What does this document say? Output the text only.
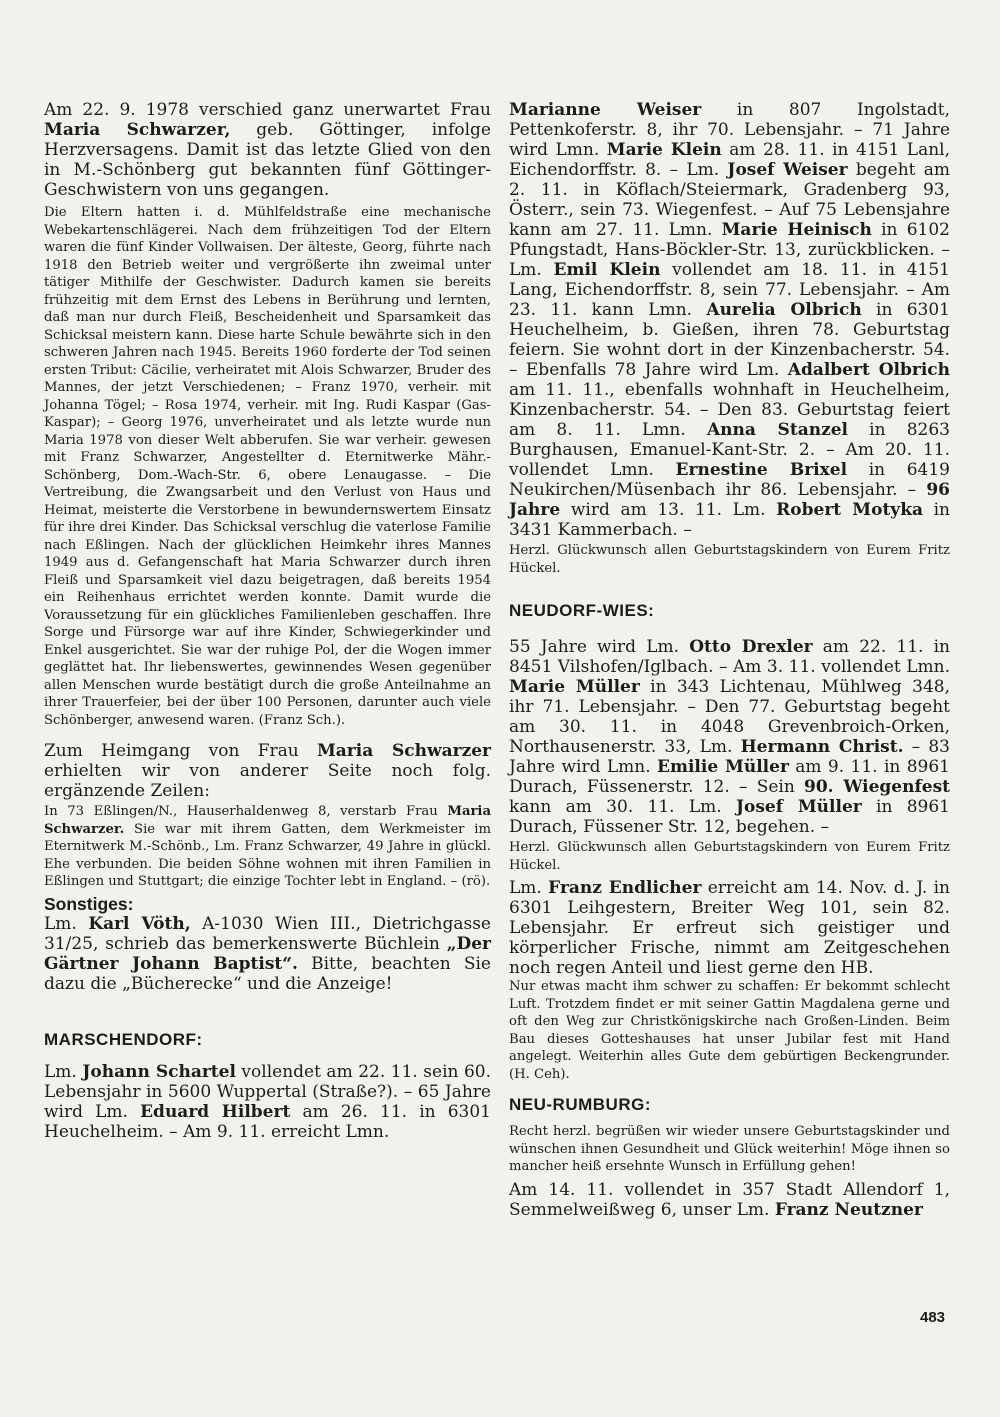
Am 22. 9. 1978 verschied ganz unerwartet Frau Maria Schwarzer, geb. Göttinger, infolge Herzversagens. Damit ist das letzte Glied von den in M.-Schönberg gut bekannten fünf Göttinger-Geschwistern von uns gegangen.

Die Eltern hatten i. d. Mühlfeldstraße eine mechanische Webekartenschlägerei. Nach dem frühzeitigen Tod der Eltern waren die fünf Kinder Vollwaisen. Der älteste, Georg, führte nach 1918 den Betrieb weiter und vergrößerte ihn zweimal unter tätiger Mithilfe der Geschwister. Dadurch kamen sie bereits frühzeitig mit dem Ernst des Lebens in Berührung und lernten, daß man nur durch Fleiß, Bescheidenheit und Sparsamkeit das Schicksal meistern kann. Diese harte Schule bewährte sich in den schweren Jahren nach 1945. Bereits 1960 forderte der Tod seinen ersten Tribut: Cäcilie, verheiratet mit Alois Schwarzer, Bruder des Mannes, der jetzt Verschiedenen; – Franz 1970, verheir. mit Johanna Tögel; – Rosa 1974, verheir. mit Ing. Rudi Kaspar (Gas-Kaspar); – Georg 1976, unverheiratet und als letzte wurde nun Maria 1978 von dieser Welt abberufen. Sie war verheir. gewesen mit Franz Schwarzer, Angestellter d. Eternitwerke Mähr.-Schönberg, Dom.-Wach-Str. 6, obere Lenaugasse. – Die Vertreibung, die Zwangsarbeit und den Verlust von Haus und Heimat, meisterte die Verstorbene in bewundernswertem Einsatz für ihre drei Kinder. Das Schicksal verschlug die vaterlose Familie nach Eßlingen. Nach der glücklichen Heimkehr ihres Mannes 1949 aus d. Gefangenschaft hat Maria Schwarzer durch ihren Fleiß und Sparsamkeit viel dazu beigetragen, daß bereits 1954 ein Reihenhaus errichtet werden konnte. Damit wurde die Voraussetzung für ein glückliches Familienleben geschaffen. Ihre Sorge und Fürsorge war auf ihre Kinder, Schwiegerkinder und Enkel ausgerichtet. Sie war der ruhige Pol, der die Wogen immer geglättet hat. Ihr liebenswertes, gewinnendes Wesen gegenüber allen Menschen wurde bestätigt durch die große Anteilnahme an ihrer Trauerfeier, bei der über 100 Personen, darunter auch viele Schönberger, anwesend waren. (Franz Sch.).

Zum Heimgang von Frau Maria Schwarzer erhielten wir von anderer Seite noch folg. ergänzende Zeilen:

In 73 Eßlingen/N., Hauserhaldenweg 8, verstarb Frau Maria Schwarzer. Sie war mit ihrem Gatten, dem Werkmeister im Eternitwerk M.-Schönb., Lm. Franz Schwarzer, 49 Jahre in glückl. Ehe verbunden. Die beiden Söhne wohnen mit ihren Familien in Eßlingen und Stuttgart; die einzige Tochter lebt in England. – (rö).

Sonstiges:

Lm. Karl Vöth, A-1030 Wien III., Dietrichgasse 31/25, schrieb das bemerkenswerte Büchlein „Der Gärtner Johann Baptist“. Bitte, beachten Sie dazu die „Bücherecke“ und die Anzeige!

MARSCHENDORF:

Lm. Johann Schartel vollendet am 22. 11. sein 60. Lebensjahr in 5600 Wuppertal (Straße?). – 65 Jahre wird Lm. Eduard Hilbert am 26. 11. in 6301 Heuchelheim. – Am 9. 11. erreicht Lmn.

Marianne Weiser in 807 Ingolstadt, Pettenkoferstr. 8, ihr 70. Lebensjahr. – 71 Jahre wird Lmn. Marie Klein am 28. 11. in 4151 Lanl, Eichendorffstr. 8. – Lm. Josef Weiser begeht am 2. 11. in Köflach/Steiermark, Gradenberg 93, Österr., sein 73. Wiegenfest. – Auf 75 Lebensjahre kann am 27. 11. Lmn. Marie Heinisch in 6102 Pfungstadt, Hans-Böckler-Str. 13, zurückblicken. – Lm. Emil Klein vollendet am 18. 11. in 4151 Lang, Eichendorffstr. 8, sein 77. Lebensjahr. – Am 23. 11. kann Lmn. Aurelia Olbrich in 6301 Heuchelheim, b. Gießen, ihren 78. Geburtstag feiern. Sie wohnt dort in der Kinzenbacherstr. 54. – Ebenfalls 78 Jahre wird Lm. Adalbert Olbrich am 11. 11., ebenfalls wohnhaft in Heuchelheim, Kinzenbacherstr. 54. – Den 83. Geburtstag feiert am 8. 11. Lmn. Anna Stanzel in 8263 Burghausen, Emanuel-Kant-Str. 2. – Am 20. 11. vollendet Lmn. Ernestine Brixel in 6419 Neukirchen/Müsenbach ihr 86. Lebensjahr. – 96 Jahre wird am 13. 11. Lm. Robert Motyka in 3431 Kammerbach. –

Herzl. Glückwunsch allen Geburtstagskindern von Eurem Fritz Hückel.

NEUDORF-WIES:

55 Jahre wird Lm. Otto Drexler am 22. 11. in 8451 Vilshofen/Iglbach. – Am 3. 11. vollendet Lmn. Marie Müller in 343 Lichtenau, Mühlweg 348, ihr 71. Lebensjahr. – Den 77. Geburtstag begeht am 30. 11. in 4048 Grevenbroich-Orken, Northausenerstr. 33, Lm. Hermann Christ. – 83 Jahre wird Lmn. Emilie Müller am 9. 11. in 8961 Durach, Füssenerstr. 12. – Sein 90. Wiegenfest kann am 30. 11. Lm. Josef Müller in 8961 Durach, Füssener Str. 12, begehen. –

Herzl. Glückwunsch allen Geburtstagskindern von Eurem Fritz Hückel.

Lm. Franz Endlicher erreicht am 14. Nov. d. J. in 6301 Leihgestern, Breiter Weg 101, sein 82. Lebensjahr. Er erfreut sich geistiger und körperlicher Frische, nimmt am Zeitgeschehen noch regen Anteil und liest gerne den HB.

Nur etwas macht ihm schwer zu schaffen: Er bekommt schlecht Luft. Trotzdem findet er mit seiner Gattin Magdalena gerne und oft den Weg zur Christkönigskirche nach Großen-Linden. Beim Bau dieses Gotteshauses hat unser Jubilar fest mit Hand angelegt. Weiterhin alles Gute dem gebürtigen Beckengrunder. (H. Ceh).

NEU-RUMBURG:

Recht herzl. begrüßen wir wieder unsere Geburtstagskinder und wünschen ihnen Gesundheit und Glück weiterhin! Möge ihnen so mancher heiß ersehnte Wunsch in Erfüllung gehen!

Am 14. 11. vollendet in 357 Stadt Allendorf 1, Semmelweißweg 6, unser Lm. Franz Neutzner

483
